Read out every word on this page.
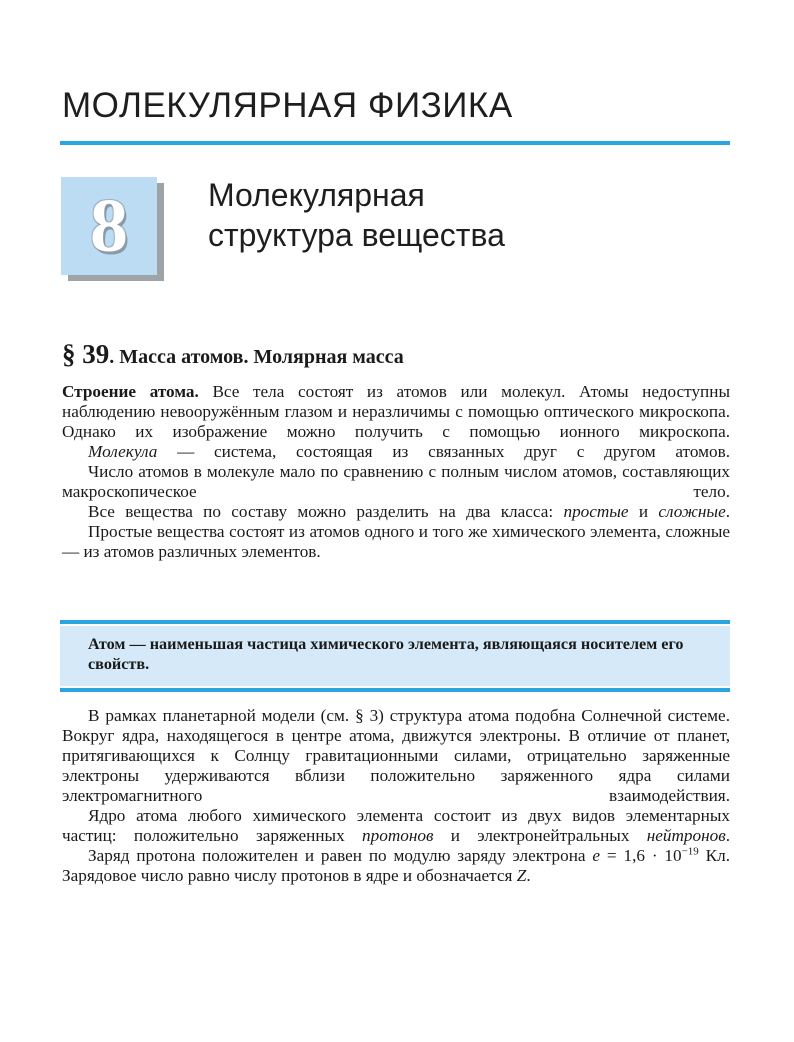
МОЛЕКУЛЯРНАЯ ФИЗИКА
8	Молекулярная
структура вещества
§ 39. Масса атомов. Молярная масса

Строение атома. Все тела состоят из атомов или молекул. Атомы недоступны наблюдению невооружённым глазом и неразличимы с помощью оптического микроскопа. Однако их изображение можно получить с помощью ионного микроскопа.

Молекула — система, состоящая из связанных друг с другом атомов.

Число атомов в молекуле мало по сравнению с полным числом атомов, составляющих макроскопическое тело.

Все вещества по составу можно разделить на два класса: простые и сложные.

Простые вещества состоят из атомов одного и того же химического элемента, сложные — из атомов различных элементов.

Атом — наименьшая частица химического элемента, являющаяся носителем его свойств.

В рамках планетарной модели (см. § 3) структура атома подобна Солнечной системе. Вокруг ядра, находящегося в центре атома, движутся электроны. В отличие от планет, притягивающихся к Солнцу гравитационными силами, отрицательно заряженные электроны удерживаются вблизи положительно заряженного ядра силами электромагнитного взаимодействия.

Ядро атома любого химического элемента состоит из двух видов элементарных частиц: положительно заряженных протонов и электронейтральных нейтронов.

Заряд протона положителен и равен по модулю заряду электрона $e = 1,6 \cdot 10^{-19}$ Кл. Зарядовое число равно числу протонов в ядре и обозначается Z.
